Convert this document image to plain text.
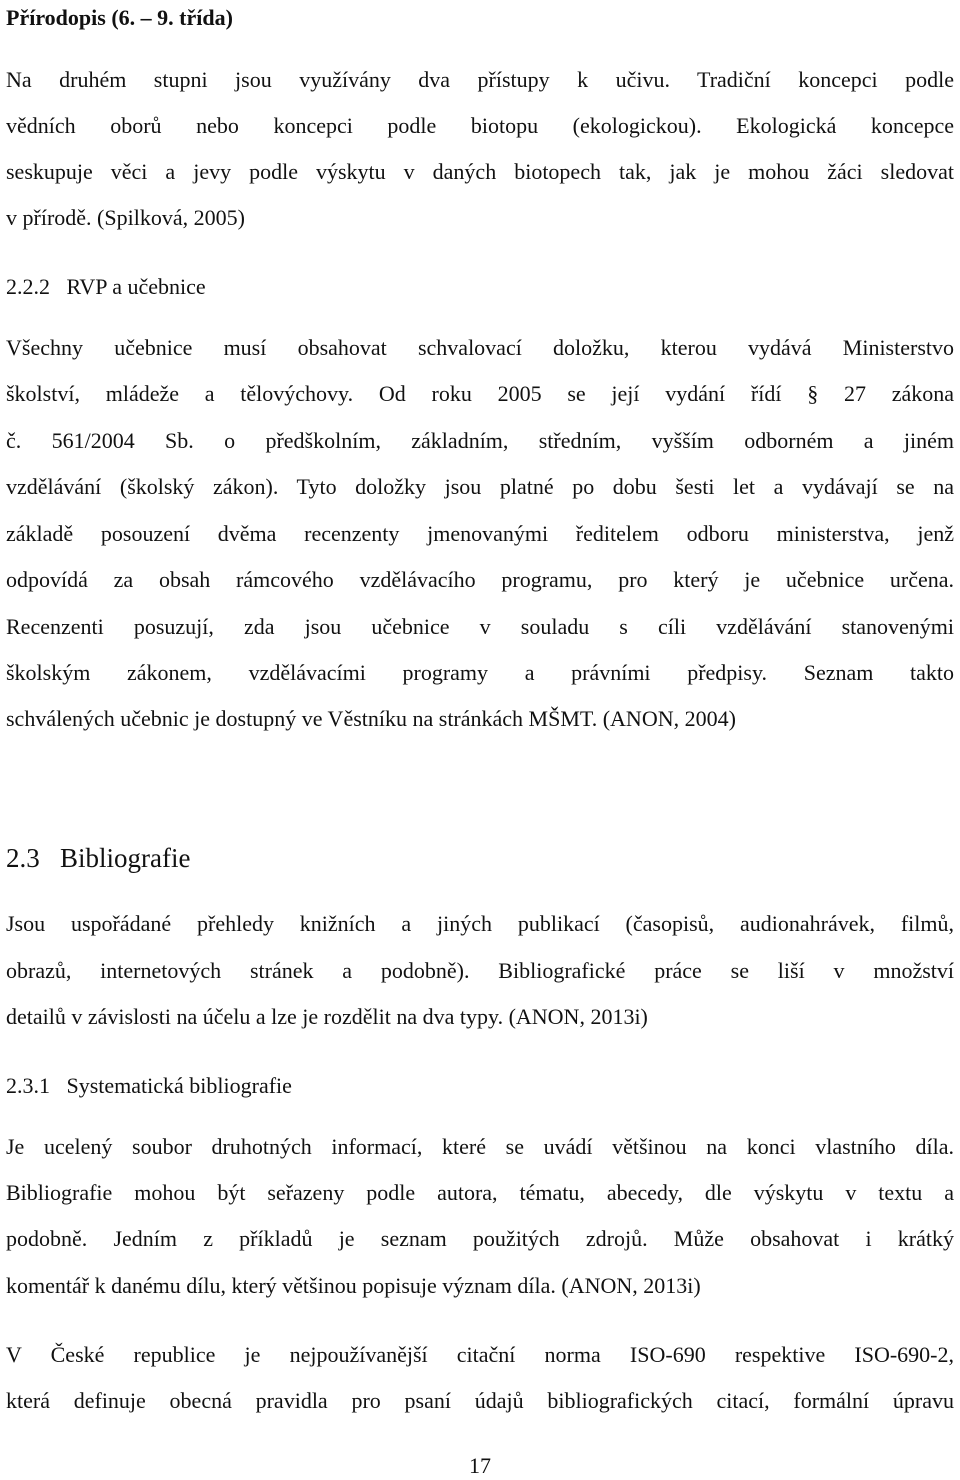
Přírodopis (6. – 9. třída)
Na druhém stupni jsou využívány dva přístupy k učivu. Tradiční koncepci podle
vědních oborů nebo koncepci podle biotopu (ekologickou). Ekologická koncepce
seskupuje věci a jevy podle výskytu v daných biotopech tak, jak je mohou žáci sledovat
v přírodě. (Spilková, 2005)
2.2.2   RVP a učebnice
Všechny učebnice musí obsahovat schvalovací doložku, kterou vydává Ministerstvo
školství, mládeže a tělovýchovy. Od roku 2005 se její vydání řídí § 27 zákona
č. 561/2004 Sb. o předškolním, základním, středním, vyšším odborném a jiném
vzdělávání (školský zákon). Tyto doložky jsou platné po dobu šesti let a vydávají se na
základě posouzení dvěma recenzenty jmenovanými ředitelem odboru ministerstva, jenž
odpovídá za obsah rámcového vzdělávacího programu, pro který je učebnice určena.
Recenzenti posuzují, zda jsou učebnice v souladu s cíli vzdělávání stanovenými
školským zákonem, vzdělávacími programy a právními předpisy. Seznam takto
schválených učebnic je dostupný ve Věstníku na stránkách MŠMT. (ANON, 2004)
2.3   Bibliografie
Jsou uspořádané přehledy knižních a jiných publikací (časopisů, audionahrávek, filmů,
obrazů, internetových stránek a podobně). Bibliografické práce se liší v množství
detailů v závislosti na účelu a lze je rozdělit na dva typy. (ANON, 2013i)
2.3.1   Systematická bibliografie
Je ucelený soubor druhotných informací, které se uvádí většinou na konci vlastního díla.
Bibliografie mohou být seřazeny podle autora, tématu, abecedy, dle výskytu v textu a
podobně. Jedním z příkladů je seznam použitých zdrojů. Může obsahovat i krátký
komentář k danému dílu, který většinou popisuje význam díla. (ANON, 2013i)
V České republice je nejpoužívanější citační norma ISO-690 respektive ISO-690-2,
která definuje obecná pravidla pro psaní údajů bibliografických citací, formální úpravu
17
